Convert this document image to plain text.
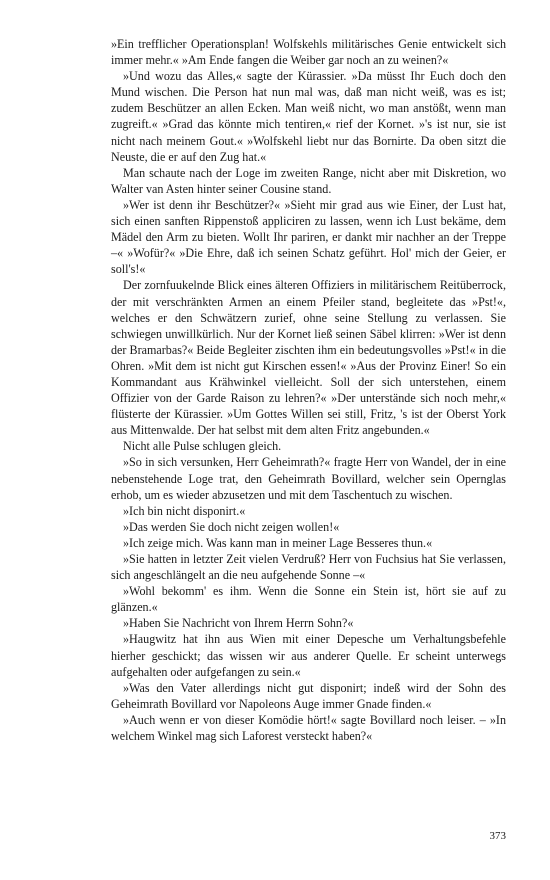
»Ein trefflicher Operationsplan! Wolfskehls militärisches Genie entwickelt sich immer mehr.« »Am Ende fangen die Weiber gar noch an zu weinen?«

»Und wozu das Alles,« sagte der Kürassier. »Da müsst Ihr Euch doch den Mund wischen. Die Person hat nun mal was, daß man nicht weiß, was es ist; zudem Beschützer an allen Ecken. Man weiß nicht, wo man anstößt, wenn man zugreift.« »Grad das könnte mich tentiren,« rief der Kornet. »'s ist nur, sie ist nicht nach meinem Gout.« »Wolfskehl liebt nur das Bornirte. Da oben sitzt die Neuste, die er auf den Zug hat.«

Man schaute nach der Loge im zweiten Range, nicht aber mit Diskretion, wo Walter van Asten hinter seiner Cousine stand.

»Wer ist denn ihr Beschützer?« »Sieht mir grad aus wie Einer, der Lust hat, sich einen sanften Rippenstoß appliciren zu lassen, wenn ich Lust bekäme, dem Mädel den Arm zu bieten. Wollt Ihr pariren, er dankt mir nachher an der Treppe –« »Wofür?« »Die Ehre, daß ich seinen Schatz geführt. Hol' mich der Geier, er soll's!«

Der zornfuukelnde Blick eines älteren Offiziers in militärischem Reitüberrock, der mit verschränkten Armen an einem Pfeiler stand, begleitete das »Pst!«, welches er den Schwätzern zurief, ohne seine Stellung zu verlassen. Sie schwiegen unwillkürlich. Nur der Kornet ließ seinen Säbel klirren: »Wer ist denn der Bramarbas?« Beide Begleiter zischten ihm ein bedeutungsvolles »Pst!« in die Ohren. »Mit dem ist nicht gut Kirschen essen!« »Aus der Provinz Einer! So ein Kommandant aus Krähwinkel vielleicht. Soll der sich unterstehen, einem Offizier von der Garde Raison zu lehren?« »Der unterstände sich noch mehr,« flüsterte der Kürassier. »Um Gottes Willen sei still, Fritz, 's ist der Oberst York aus Mittenwalde. Der hat selbst mit dem alten Fritz angebunden.«

Nicht alle Pulse schlugen gleich.

»So in sich versunken, Herr Geheimrath?« fragte Herr von Wandel, der in eine nebenstehende Loge trat, den Geheimrath Bovillard, welcher sein Opernglas erhob, um es wieder abzusetzen und mit dem Taschentuch zu wischen.

»Ich bin nicht disponirt.«

»Das werden Sie doch nicht zeigen wollen!«

»Ich zeige mich. Was kann man in meiner Lage Besseres thun.«

»Sie hatten in letzter Zeit vielen Verdruß? Herr von Fuchsius hat Sie verlassen, sich angeschlängelt an die neu aufgehende Sonne –«

»Wohl bekomm' es ihm. Wenn die Sonne ein Stein ist, hört sie auf zu glänzen.«

»Haben Sie Nachricht von Ihrem Herrn Sohn?«

»Haugwitz hat ihn aus Wien mit einer Depesche um Verhaltungsbefehle hierher geschickt; das wissen wir aus anderer Quelle. Er scheint unterwegs aufgehalten oder aufgefangen zu sein.«

»Was den Vater allerdings nicht gut disponirt; indeß wird der Sohn des Geheimrath Bovillard vor Napoleons Auge immer Gnade finden.«

»Auch wenn er von dieser Komödie hört!« sagte Bovillard noch leiser. – »In welchem Winkel mag sich Laforest versteckt haben?«

373
